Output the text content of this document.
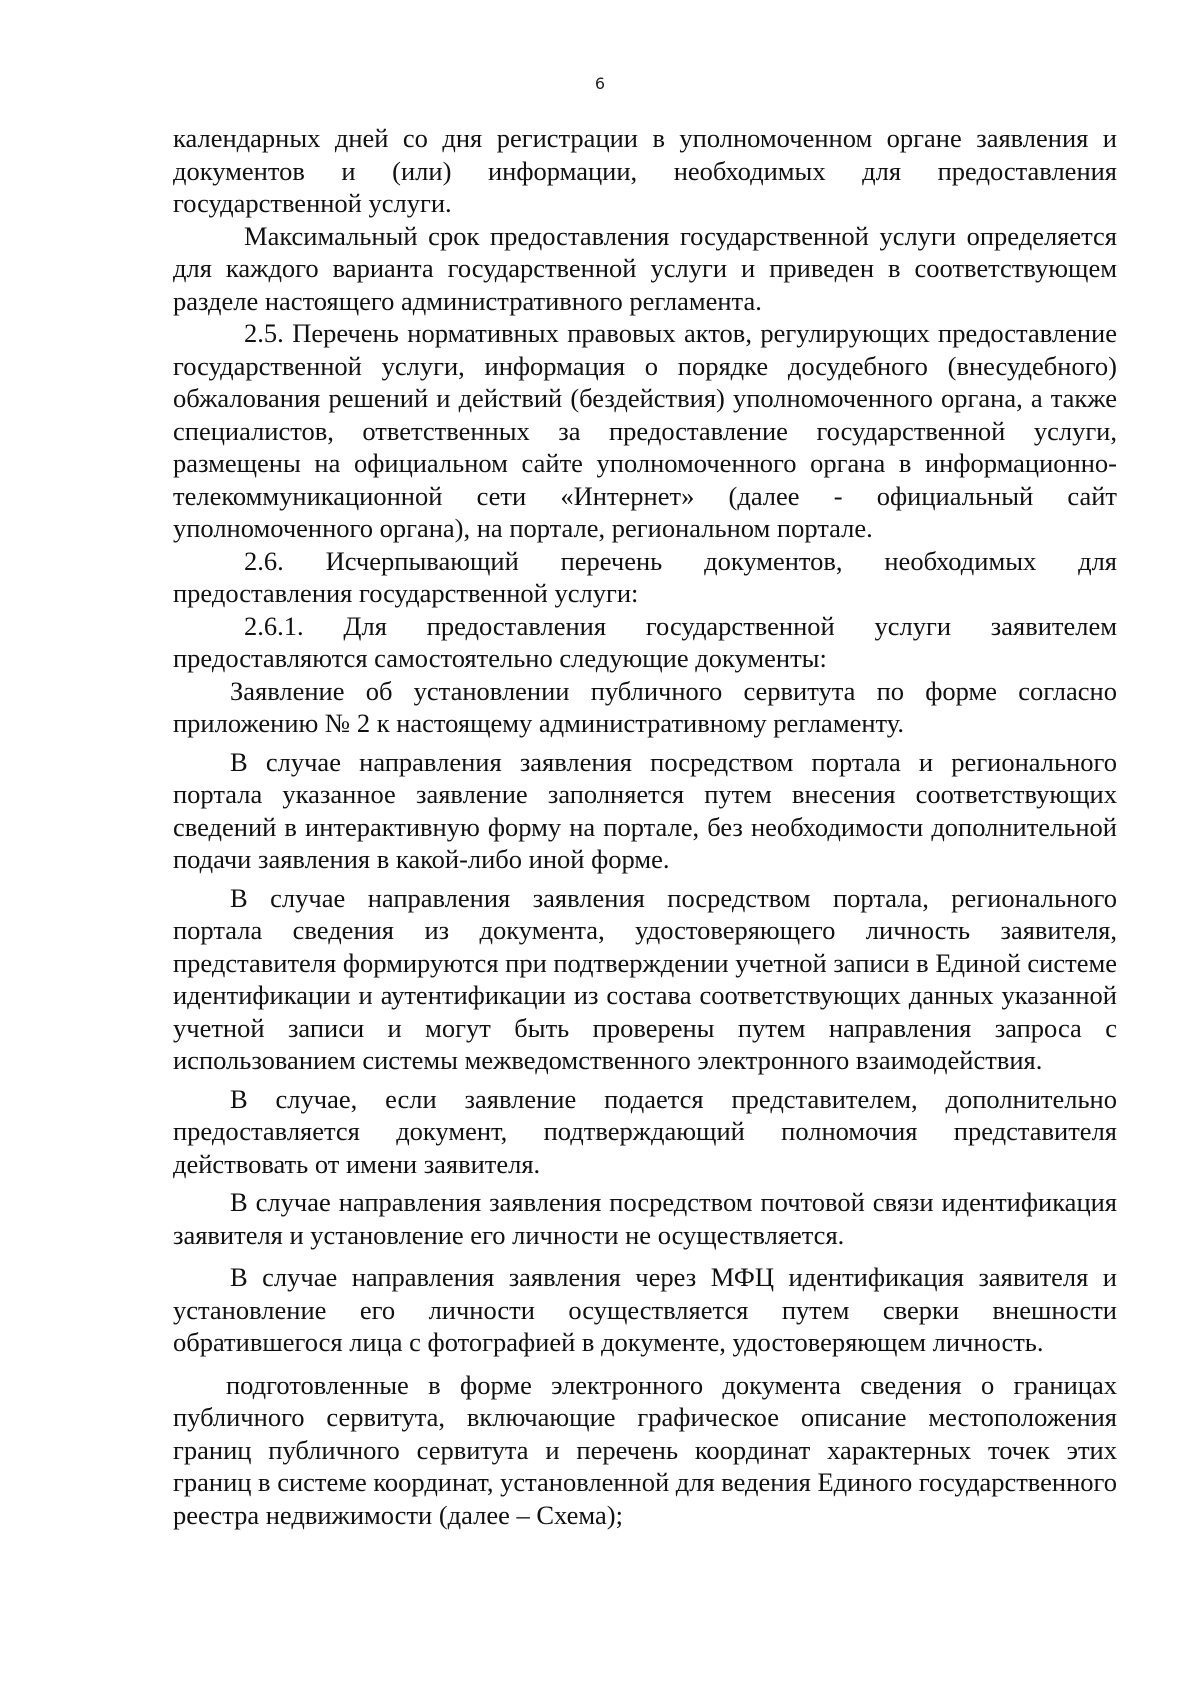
6

календарных дней со дня регистрации в уполномоченном органе заявления и документов и (или) информации, необходимых для предоставления государственной услуги.

Максимальный срок предоставления государственной услуги определяется для каждого варианта государственной услуги и приведен в соответствующем разделе настоящего административного регламента.

2.5. Перечень нормативных правовых актов, регулирующих предоставление государственной услуги, информация о порядке досудебного (внесудебного) обжалования решений и действий (бездействия) уполномоченного органа, а также специалистов, ответственных за предоставление государственной услуги, размещены на официальном сайте уполномоченного органа в информационно-телекоммуникационной сети «Интернет» (далее - официальный сайт уполномоченного органа), на портале, региональном портале.

2.6. Исчерпывающий перечень документов, необходимых для предоставления государственной услуги:

2.6.1. Для предоставления государственной услуги заявителем предоставляются самостоятельно следующие документы:

Заявление об установлении публичного сервитута по форме согласно приложению № 2 к настоящему административному регламенту.

В случае направления заявления посредством портала и регионального портала указанное заявление заполняется путем внесения соответствующих сведений в интерактивную форму на портале, без необходимости дополнительной подачи заявления в какой-либо иной форме.

В случае направления заявления посредством портала, регионального портала сведения из документа, удостоверяющего личность заявителя, представителя формируются при подтверждении учетной записи в Единой системе идентификации и аутентификации из состава соответствующих данных указанной учетной записи и могут быть проверены путем направления запроса с использованием системы межведомственного электронного взаимодействия.

В случае, если заявление подается представителем, дополнительно предоставляется документ, подтверждающий полномочия представителя действовать от имени заявителя.

В случае направления заявления посредством почтовой связи идентификация заявителя и установление его личности не осуществляется.

В случае направления заявления через МФЦ идентификация заявителя и установление его личности осуществляется путем сверки внешности обратившегося лица с фотографией в документе, удостоверяющем личность.

подготовленные в форме электронного документа сведения о границах публичного сервитута, включающие графическое описание местоположения границ публичного сервитута и перечень координат характерных точек этих границ в системе координат, установленной для ведения Единого государственного реестра недвижимости (далее – Схема);
